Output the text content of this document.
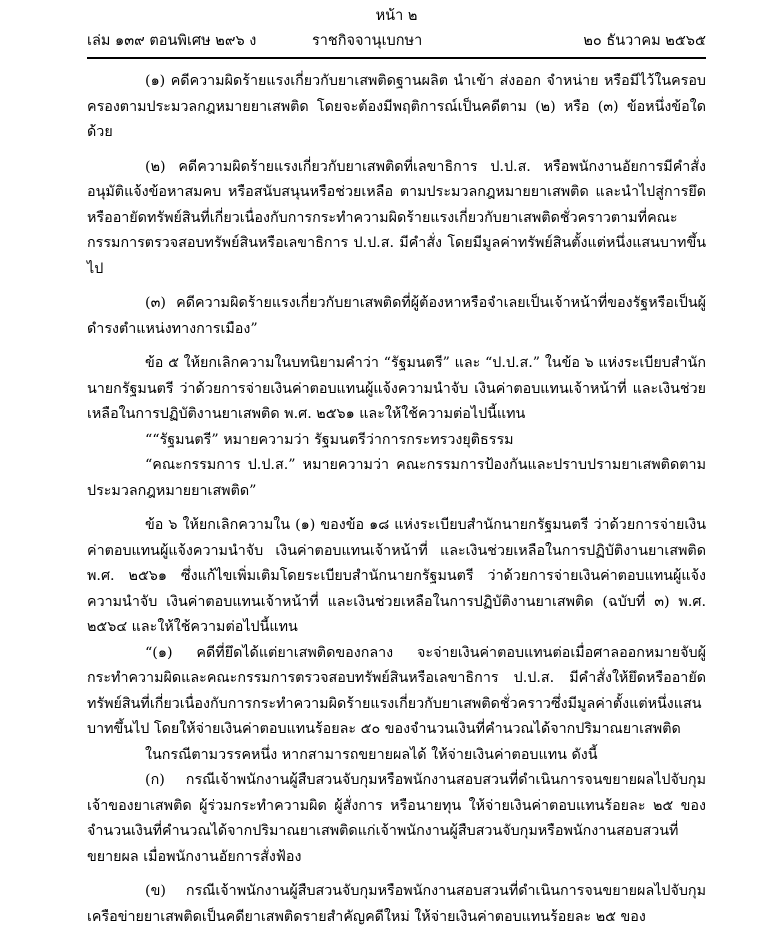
หน้า ๒
เล่ม ๑๓๙ ตอนพิเศษ ๒๙๖ ง	ราชกิจจานุเบกษา	๒๐ ธันวาคม ๒๕๖๕

(๑) คดีความผิดร้ายแรงเกี่ยวกับยาเสพติดฐานผลิต นำเข้า ส่งออก จำหน่าย หรือมีไว้ในครอบครองตามประมวลกฎหมายยาเสพติด โดยจะต้องมีพฤติการณ์เป็นคดีตาม (๒) หรือ (๓) ข้อหนึ่งข้อใดด้วย

(๒) คดีความผิดร้ายแรงเกี่ยวกับยาเสพติดที่เลขาธิการ ป.ป.ส. หรือพนักงานอัยการมีคำสั่งอนุมัติแจ้งข้อหาสมคบ หรือสนับสนุนหรือช่วยเหลือ ตามประมวลกฎหมายยาเสพติด และนำไปสู่การยึดหรืออายัดทรัพย์สินที่เกี่ยวเนื่องกับการกระทำความผิดร้ายแรงเกี่ยวกับยาเสพติดชั่วคราวตามที่คณะกรรมการตรวจสอบทรัพย์สินหรือเลขาธิการ ป.ป.ส. มีคำสั่ง โดยมีมูลค่าทรัพย์สินตั้งแต่หนึ่งแสนบาทขึ้นไป

(๓) คดีความผิดร้ายแรงเกี่ยวกับยาเสพติดที่ผู้ต้องหาหรือจำเลยเป็นเจ้าหน้าที่ของรัฐหรือเป็นผู้ดำรงตำแหน่งทางการเมือง”

ข้อ ๕ ให้ยกเลิกความในบทนิยามคำว่า “รัฐมนตรี” และ “ป.ป.ส.” ในข้อ ๖ แห่งระเบียบสำนักนายกรัฐมนตรี ว่าด้วยการจ่ายเงินค่าตอบแทนผู้แจ้งความนำจับ เงินค่าตอบแทนเจ้าหน้าที่ และเงินช่วยเหลือในการปฏิบัติงานยาเสพติด พ.ศ. ๒๕๖๑ และให้ใช้ความต่อไปนี้แทน

““รัฐมนตรี” หมายความว่า รัฐมนตรีว่าการกระทรวงยุติธรรม

“คณะกรรมการ ป.ป.ส.” หมายความว่า คณะกรรมการป้องกันและปราบปรามยาเสพติดตามประมวลกฎหมายยาเสพติด”

ข้อ ๖ ให้ยกเลิกความใน (๑) ของข้อ ๑๘ แห่งระเบียบสำนักนายกรัฐมนตรี ว่าด้วยการจ่ายเงินค่าตอบแทนผู้แจ้งความนำจับ เงินค่าตอบแทนเจ้าหน้าที่ และเงินช่วยเหลือในการปฏิบัติงานยาเสพติด พ.ศ. ๒๕๖๑ ซึ่งแก้ไขเพิ่มเติมโดยระเบียบสำนักนายกรัฐมนตรี ว่าด้วยการจ่ายเงินค่าตอบแทนผู้แจ้งความนำจับ เงินค่าตอบแทนเจ้าหน้าที่ และเงินช่วยเหลือในการปฏิบัติงานยาเสพติด (ฉบับที่ ๓) พ.ศ. ๒๕๖๔ และให้ใช้ความต่อไปนี้แทน

“(๑) คดีที่ยึดได้แต่ยาเสพติดของกลาง จะจ่ายเงินค่าตอบแทนต่อเมื่อศาลออกหมายจับผู้กระทำความผิดและคณะกรรมการตรวจสอบทรัพย์สินหรือเลขาธิการ ป.ป.ส. มีคำสั่งให้ยึดหรืออายัดทรัพย์สินที่เกี่ยวเนื่องกับการกระทำความผิดร้ายแรงเกี่ยวกับยาเสพติดชั่วคราวซึ่งมีมูลค่าตั้งแต่หนึ่งแสนบาทขึ้นไป โดยให้จ่ายเงินค่าตอบแทนร้อยละ ๕๐ ของจำนวนเงินที่คำนวณได้จากปริมาณยาเสพติด

ในกรณีตามวรรคหนึ่ง หากสามารถขยายผลได้ ให้จ่ายเงินค่าตอบแทน ดังนี้

(ก) กรณีเจ้าพนักงานผู้สืบสวนจับกุมหรือพนักงานสอบสวนที่ดำเนินการจนขยายผลไปจับกุมเจ้าของยาเสพติด ผู้ร่วมกระทำความผิด ผู้สั่งการ หรือนายทุน ให้จ่ายเงินค่าตอบแทนร้อยละ ๒๕ ของจำนวนเงินที่คำนวณได้จากปริมาณยาเสพติดแก่เจ้าพนักงานผู้สืบสวนจับกุมหรือพนักงานสอบสวนที่ขยายผล เมื่อพนักงานอัยการสั่งฟ้อง

(ข) กรณีเจ้าพนักงานผู้สืบสวนจับกุมหรือพนักงานสอบสวนที่ดำเนินการจนขยายผลไปจับกุมเครือข่ายยาเสพติดเป็นคดียาเสพติดรายสำคัญคดีใหม่ ให้จ่ายเงินค่าตอบแทนร้อยละ ๒๕ ของ
